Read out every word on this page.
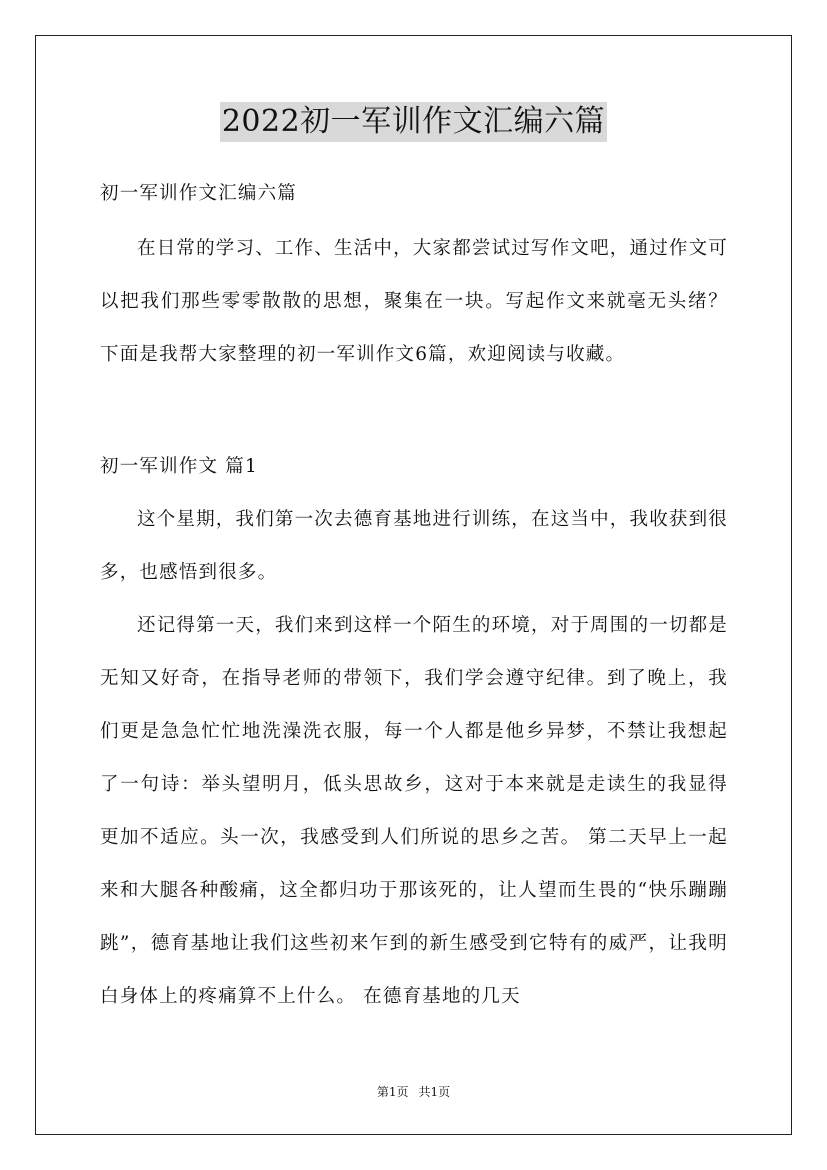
2022初一军训作文汇编六篇
初一军训作文汇编六篇

在日常的学习、工作、生活中，大家都尝试过写作文吧，通过作文可以把我们那些零零散散的思想，聚集在一块。写起作文来就毫无头绪？下面是我帮大家整理的初一军训作文6篇，欢迎阅读与收藏。

初一军训作文 篇1

这个星期，我们第一次去德育基地进行训练，在这当中，我收获到很多，也感悟到很多。

还记得第一天，我们来到这样一个陌生的环境，对于周围的一切都是无知又好奇，在指导老师的带领下，我们学会遵守纪律。到了晚上，我们更是急急忙忙地洗澡洗衣服，每一个人都是他乡异梦，不禁让我想起了一句诗：举头望明月，低头思故乡，这对于本来就是走读生的我显得更加不适应。头一次，我感受到人们所说的思乡之苦。 第二天早上一起来和大腿各种酸痛，这全都归功于那该死的，让人望而生畏的“快乐蹦蹦跳”，德育基地让我们这些初来乍到的新生感受到它特有的威严，让我明白身体上的疼痛算不上什么。 在德育基地的几天

第1页 共1页
